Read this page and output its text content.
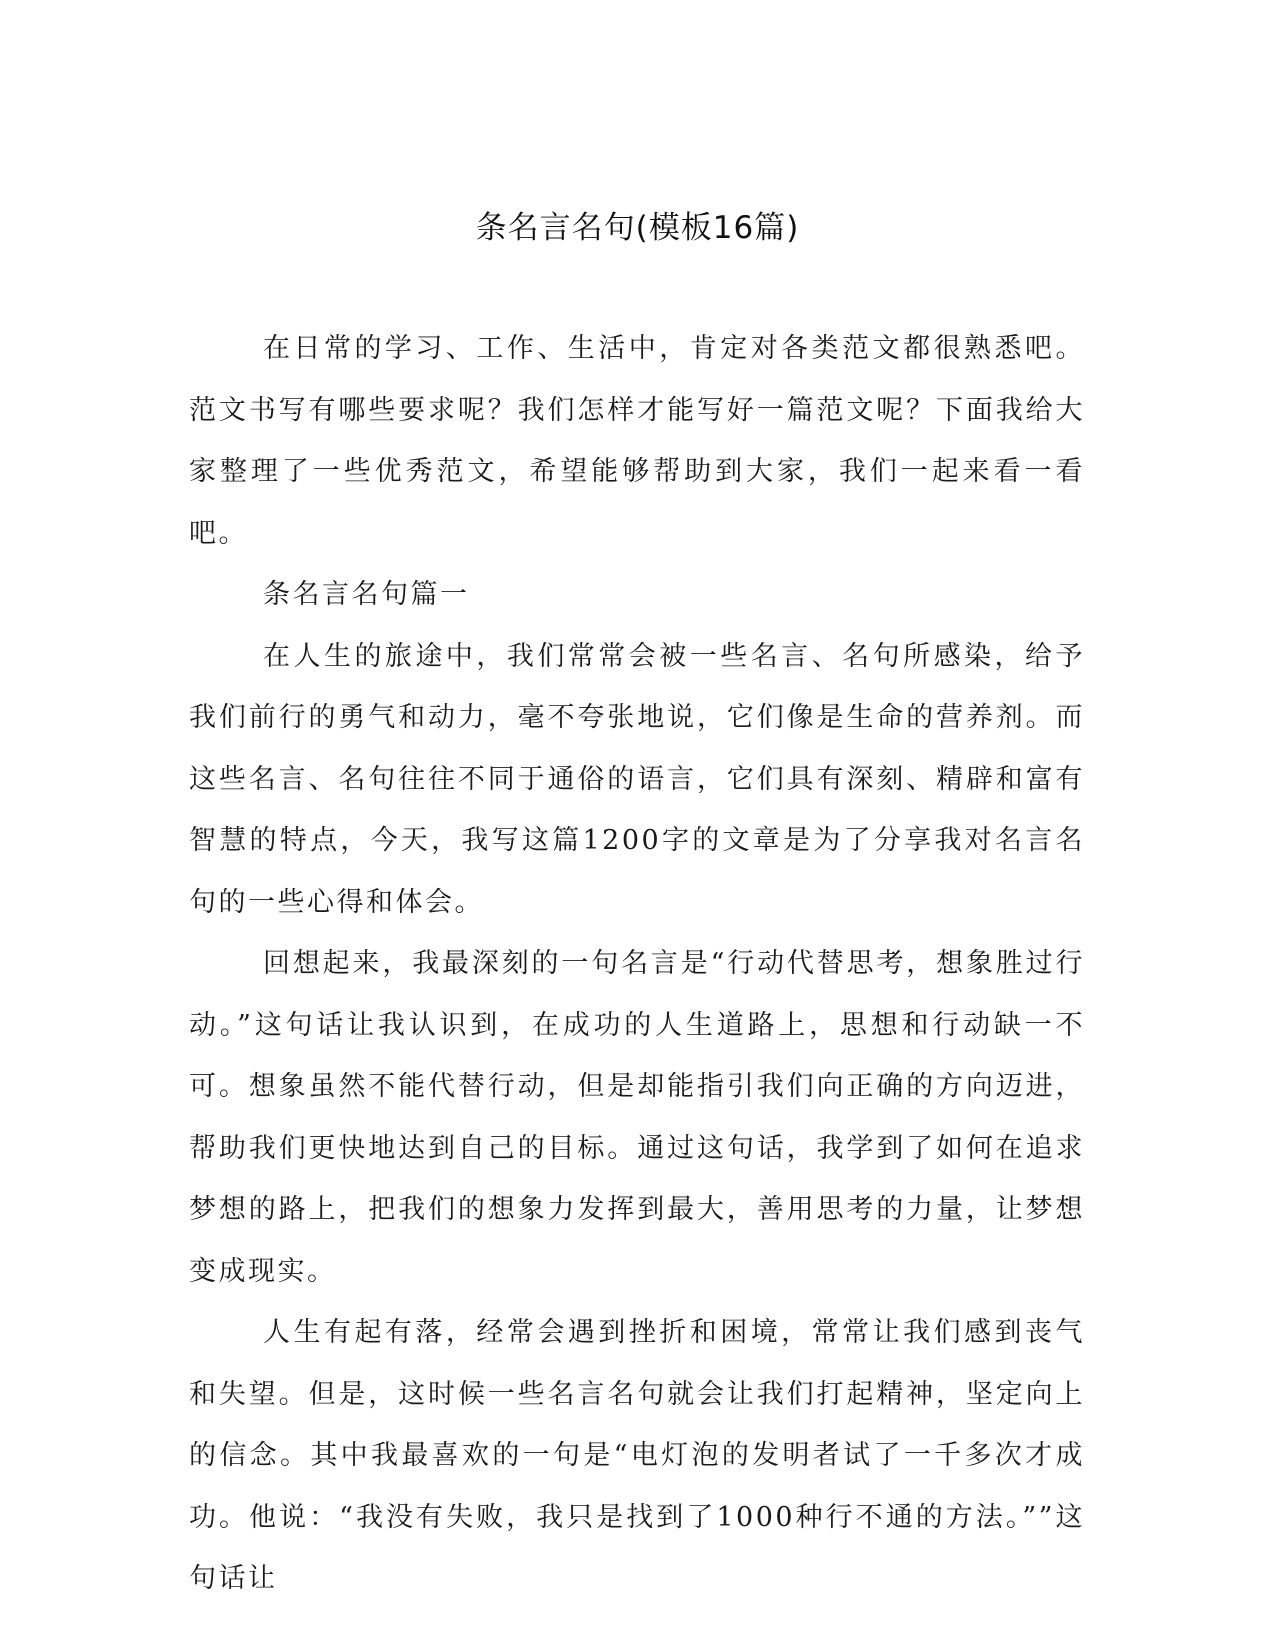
条名言名句(模板16篇)

在日常的学习、工作、生活中，肯定对各类范文都很熟悉吧。范文书写有哪些要求呢？我们怎样才能写好一篇范文呢？下面我给大家整理了一些优秀范文，希望能够帮助到大家，我们一起来看一看吧。

条名言名句篇一

在人生的旅途中，我们常常会被一些名言、名句所感染，给予我们前行的勇气和动力，毫不夸张地说，它们像是生命的营养剂。而这些名言、名句往往不同于通俗的语言，它们具有深刻、精辟和富有智慧的特点，今天，我写这篇1200字的文章是为了分享我对名言名句的一些心得和体会。

回想起来，我最深刻的一句名言是“行动代替思考，想象胜过行动。”这句话让我认识到，在成功的人生道路上，思想和行动缺一不可。想象虽然不能代替行动，但是却能指引我们向正确的方向迈进，帮助我们更快地达到自己的目标。通过这句话，我学到了如何在追求梦想的路上，把我们的想象力发挥到最大，善用思考的力量，让梦想变成现实。

人生有起有落，经常会遇到挫折和困境，常常让我们感到丧气和失望。但是，这时候一些名言名句就会让我们打起精神，坚定向上的信念。其中我最喜欢的一句是“电灯泡的发明者试了一千多次才成功。他说：“我没有失败，我只是找到了1000种行不通的方法。””这句话让
